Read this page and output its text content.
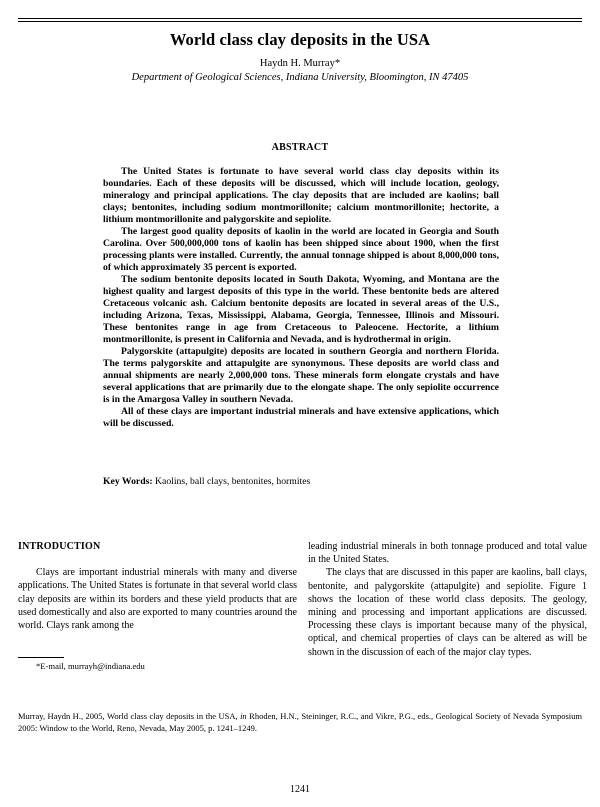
World class clay deposits in the USA
Haydn H. Murray*
Department of Geological Sciences, Indiana University, Bloomington, IN 47405
ABSTRACT

The United States is fortunate to have several world class clay deposits within its boundaries. Each of these deposits will be discussed, which will include location, geology, mineralogy and principal applications. The clay deposits that are included are kaolins; ball clays; bentonites, including sodium montmorillonite; calcium montmorillonite; hectorite, a lithium montmorillonite and palygorskite and sepiolite.

The largest good quality deposits of kaolin in the world are located in Georgia and South Carolina. Over 500,000,000 tons of kaolin has been shipped since about 1900, when the first processing plants were installed. Currently, the annual tonnage shipped is about 8,000,000 tons, of which approximately 35 percent is exported.

The sodium bentonite deposits located in South Dakota, Wyoming, and Montana are the highest quality and largest deposits of this type in the world. These bentonite beds are altered Cretaceous volcanic ash. Calcium bentonite deposits are located in several areas of the U.S., including Arizona, Texas, Mississippi, Alabama, Georgia, Tennessee, Illinois and Missouri. These bentonites range in age from Cretaceous to Paleocene. Hectorite, a lithium montmorillonite, is present in California and Nevada, and is hydrothermal in origin.

Palygorskite (attapulgite) deposits are located in southern Georgia and northern Florida. The terms palygorskite and attapulgite are synonymous. These deposits are world class and annual shipments are nearly 2,000,000 tons. These minerals form elongate crystals and have several applications that are primarily due to the elongate shape. The only sepiolite occurrence is in the Amargosa Valley in southern Nevada.

All of these clays are important industrial minerals and have extensive applications, which will be discussed.

Key Words: Kaolins, ball clays, bentonites, hormites
INTRODUCTION

Clays are important industrial minerals with many and diverse applications. The United States is fortunate in that several world class clay deposits are within its borders and these yield products that are used domestically and also are exported to many countries around the world. Clays rank among the

leading industrial minerals in both tonnage produced and total value in the United States.

The clays that are discussed in this paper are kaolins, ball clays, bentonite, and palygorskite (attapulgite) and sepiolite. Figure 1 shows the location of these world class deposits. The geology, mining and processing and important applications are discussed. Processing these clays is important because many of the physical, optical, and chemical properties of clays can be altered as will be shown in the discussion of each of the major clay types.

*E-mail, murrayh@indiana.edu
Murray, Haydn H., 2005, World class clay deposits in the USA, in Rhoden, H.N., Steininger, R.C., and Vikre, P.G., eds., Geological Society of Nevada Symposium 2005: Window to the World, Reno, Nevada, May 2005, p. 1241–1249.
1241
